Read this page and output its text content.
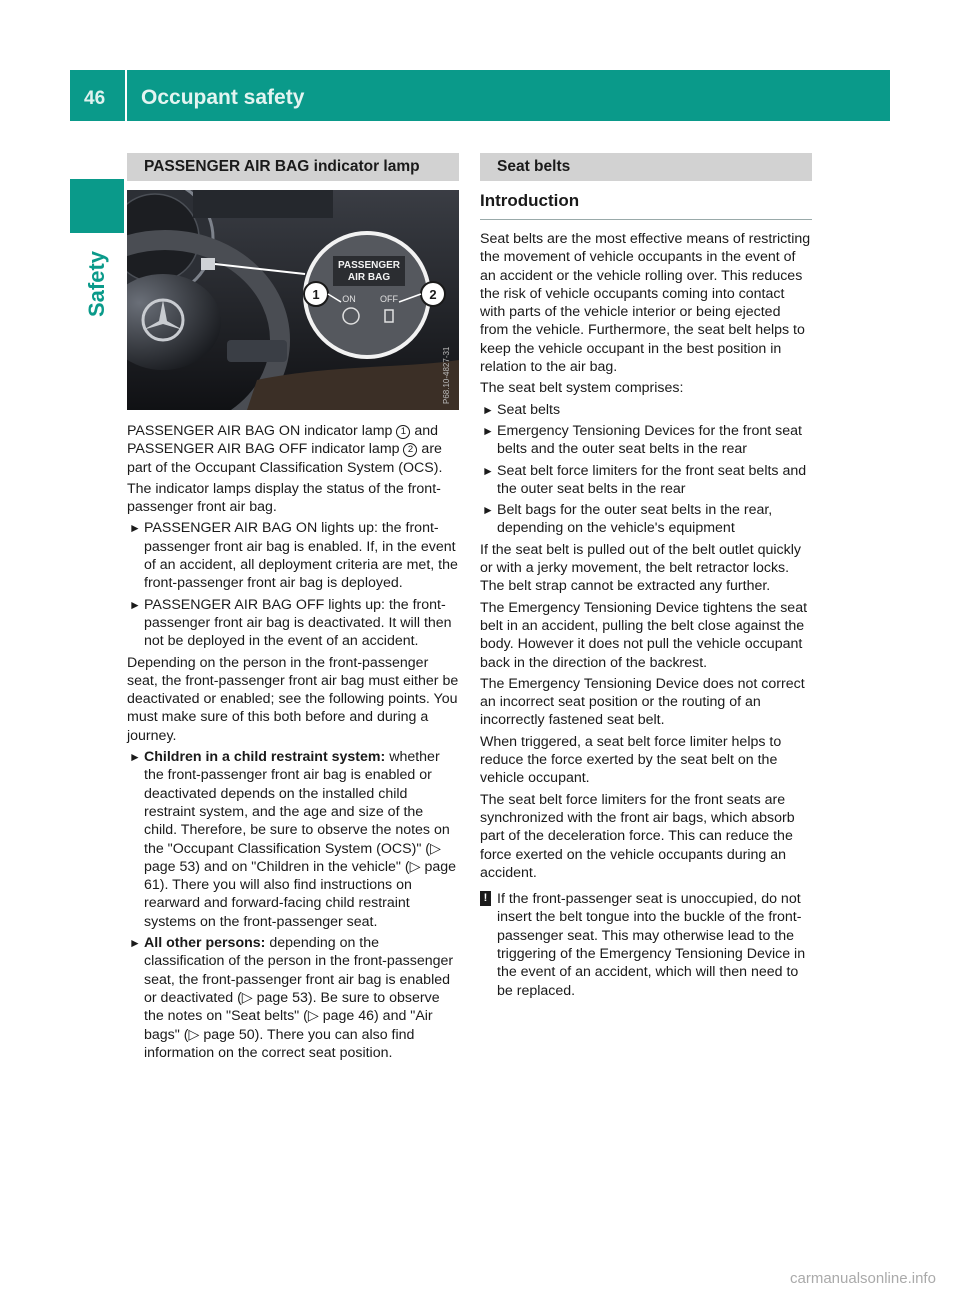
46 Occupant safety
Safety
PASSENGER AIR BAG indicator lamp
PASSENGER
AIR BAG
ON	OFF
1	2
P68.10-4827-31

PASSENGER AIR BAG ON indicator lamp 1 and PASSENGER AIR BAG OFF indicator lamp 2 are part of the Occupant Classification System (OCS).

The indicator lamps display the status of the front-passenger front air bag.

► PASSENGER AIR BAG ON lights up: the front-passenger front air bag is enabled. If, in the event of an accident, all deployment criteria are met, the front-passenger front air bag is deployed.
► PASSENGER AIR BAG OFF lights up: the front-passenger front air bag is deactivated. It will then not be deployed in the event of an accident.

Depending on the person in the front-passenger seat, the front-passenger front air bag must either be deactivated or enabled; see the following points. You must make sure of this both before and during a journey.

► Children in a child restraint system: whether the front-passenger front air bag is enabled or deactivated depends on the installed child restraint system, and the age and size of the child. Therefore, be sure to observe the notes on the "Occupant Classification System (OCS)" (▷ page 53) and on "Children in the vehicle" (▷ page 61). There you will also find instructions on rearward and forward-facing child restraint systems on the front-passenger seat.
► All other persons: depending on the classification of the person in the front-passenger seat, the front-passenger front air bag is enabled or deactivated (▷ page 53). Be sure to observe the notes on "Seat belts" (▷ page 46) and "Air bags" (▷ page 50). There you can also find information on the correct seat position.
Seat belts
Introduction

Seat belts are the most effective means of restricting the movement of vehicle occupants in the event of an accident or the vehicle rolling over. This reduces the risk of vehicle occupants coming into contact with parts of the vehicle interior or being ejected from the vehicle. Furthermore, the seat belt helps to keep the vehicle occupant in the best position in relation to the air bag.

The seat belt system comprises:

► Seat belts
► Emergency Tensioning Devices for the front seat belts and the outer seat belts in the rear
► Seat belt force limiters for the front seat belts and the outer seat belts in the rear
► Belt bags for the outer seat belts in the rear, depending on the vehicle's equipment

If the seat belt is pulled out of the belt outlet quickly or with a jerky movement, the belt retractor locks. The belt strap cannot be extracted any further.

The Emergency Tensioning Device tightens the seat belt in an accident, pulling the belt close against the body. However it does not pull the vehicle occupant back in the direction of the backrest.

The Emergency Tensioning Device does not correct an incorrect seat position or the routing of an incorrectly fastened seat belt.

When triggered, a seat belt force limiter helps to reduce the force exerted by the seat belt on the vehicle occupant.

The seat belt force limiters for the front seats are synchronized with the front air bags, which absorb part of the deceleration force. This can reduce the force exerted on the vehicle occupants during an accident.

! If the front-passenger seat is unoccupied, do not insert the belt tongue into the buckle of the front-passenger seat. This may otherwise lead to the triggering of the Emergency Tensioning Device in the event of an accident, which will then need to be replaced.

carmanualsonline.info
